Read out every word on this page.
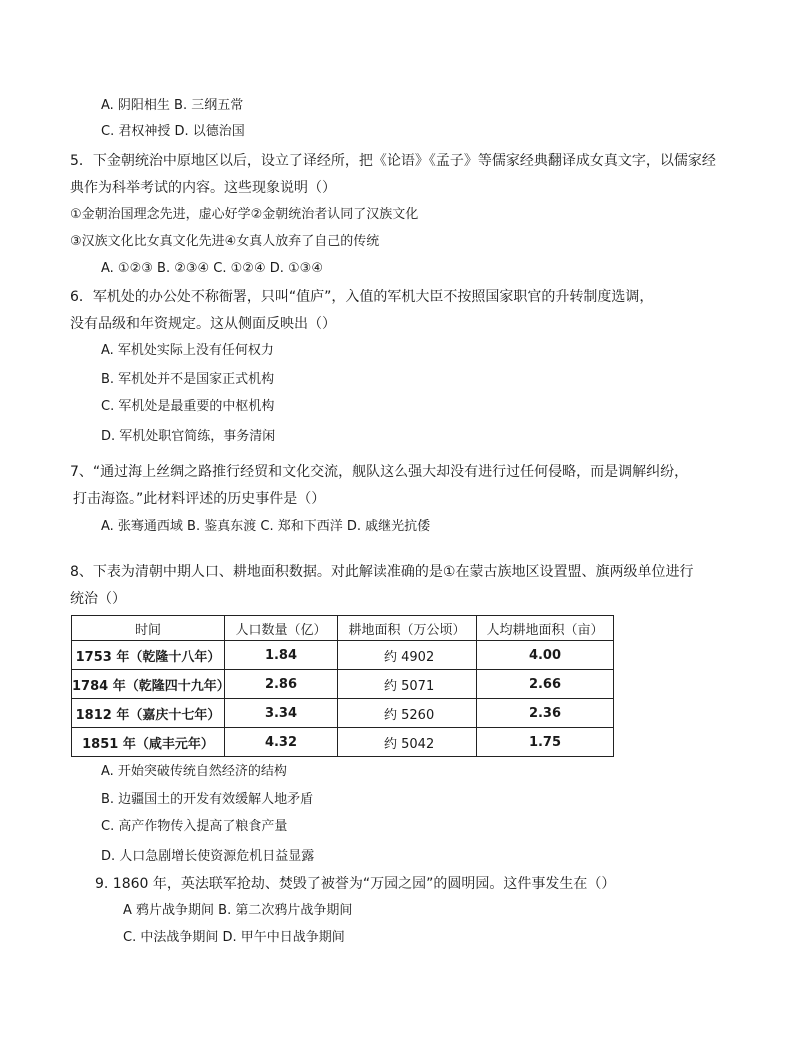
A. 阴阳相生 B. 三纲五常
C. 君权神授 D. 以德治国
5．下金朝统治中原地区以后，设立了译经所，把《论语》《孟子》等儒家经典翻译成女真文字，以儒家经
典作为科举考试的内容。这些现象说明（）
①金朝治国理念先进，虚心好学②金朝统治者认同了汉族文化
③汉族文化比女真文化先进④女真人放弃了自己的传统
A. ①②③ B. ②③④ C. ①②④ D. ①③④
6．军机处的办公处不称衙署，只叫“值庐”，入值的军机大臣不按照国家职官的升转制度选调，
没有品级和年资规定。这从侧面反映出（）
A. 军机处实际上没有任何权力
B. 军机处并不是国家正式机构
C. 军机处是最重要的中枢机构
D. 军机处职官简练，事务清闲
7、“通过海上丝绸之路推行经贸和文化交流，舰队这么强大却没有进行过任何侵略，而是调解纠纷，
打击海盗。”此材料评述的历史事件是（）
A. 张骞通西域 B. 鉴真东渡 C. 郑和下西洋 D. 戚继光抗倭
8、下表为清朝中期人口、耕地面积数据。对此解读准确的是①在蒙古族地区设置盟、旗两级单位进行
统治（）
时间	人口数量（亿）	耕地面积（万公顷）	人均耕地面积（亩）
1753 年（乾隆十八年）	1.84	约 4902	4.00
1784 年（乾隆四十九年）	2.86	约 5071	2.66
1812 年（嘉庆十七年）	3.34	约 5260	2.36
1851 年（咸丰元年）	4.32	约 5042	1.75
A. 开始突破传统自然经济的结构
B. 边疆国土的开发有效缓解人地矛盾
C. 高产作物传入提高了粮食产量
D. 人口急剧增长使资源危机日益显露
9. 1860 年，英法联军抢劫、焚毁了被誉为“万园之园”的圆明园。这件事发生在（）
A 鸦片战争期间 B. 第二次鸦片战争期间
C. 中法战争期间 D. 甲午中日战争期间
